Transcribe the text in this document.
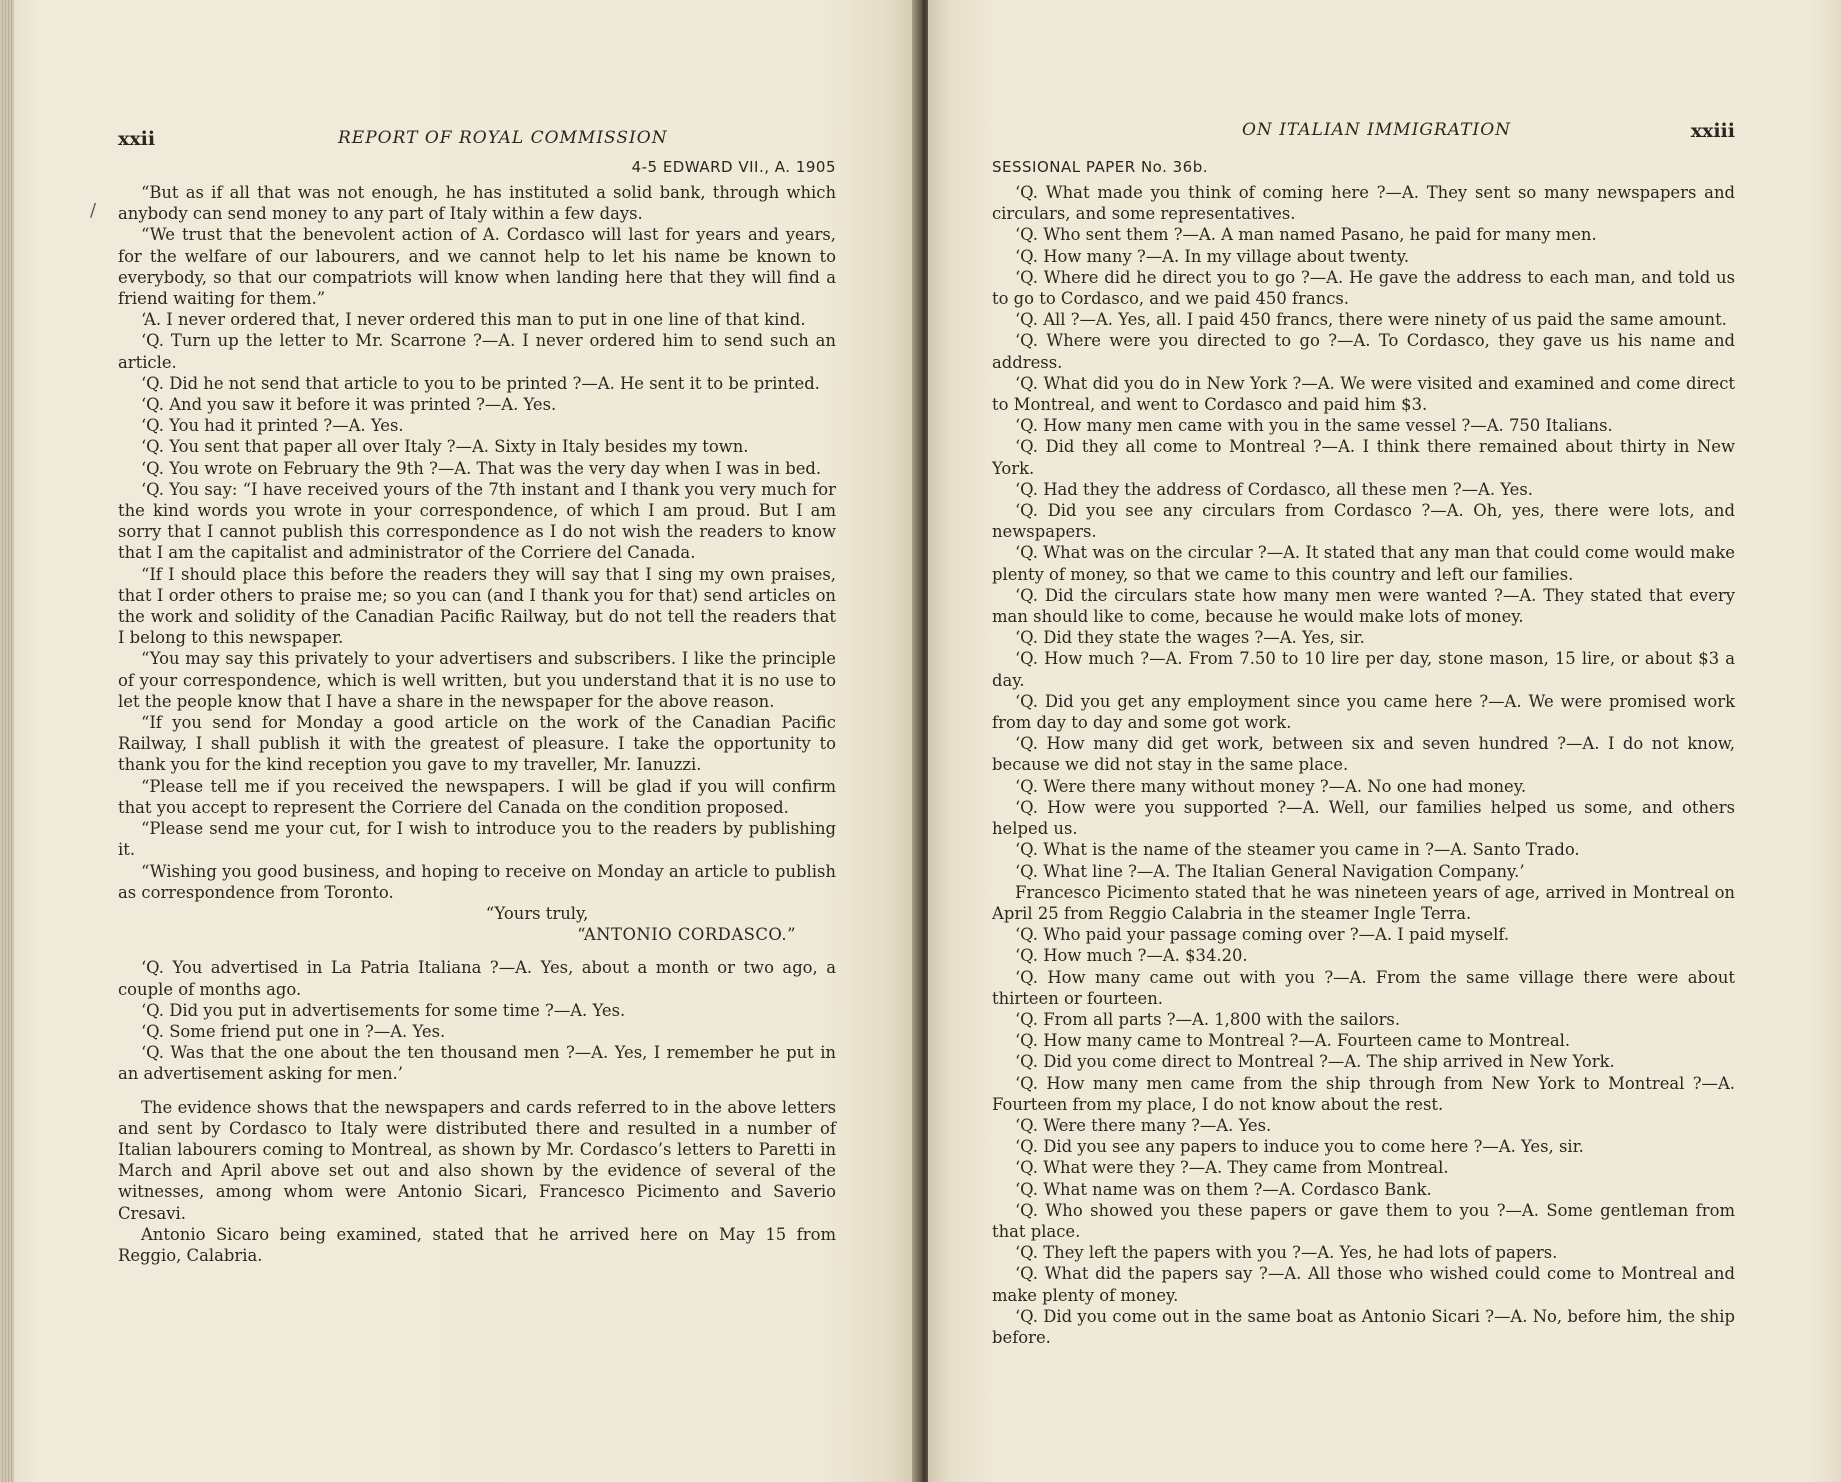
/
xxii	REPORT OF ROYAL COMMISSION
4-5 EDWARD VII., A. 1905

“But as if all that was not enough, he has instituted a solid bank, through which anybody can send money to any part of Italy within a few days.

“We trust that the benevolent action of A. Cordasco will last for years and years, for the welfare of our labourers, and we cannot help to let his name be known to everybody, so that our compatriots will know when landing here that they will find a friend waiting for them.”

‘A. I never ordered that, I never ordered this man to put in one line of that kind.

‘Q. Turn up the letter to Mr. Scarrone ?—A. I never ordered him to send such an article.

‘Q. Did he not send that article to you to be printed ?—A. He sent it to be printed.

‘Q. And you saw it before it was printed ?—A. Yes.

‘Q. You had it printed ?—A. Yes.

‘Q. You sent that paper all over Italy ?—A. Sixty in Italy besides my town.

‘Q. You wrote on February the 9th ?—A. That was the very day when I was in bed.

‘Q. You say: “I have received yours of the 7th instant and I thank you very much for the kind words you wrote in your correspondence, of which I am proud. But I am sorry that I cannot publish this correspondence as I do not wish the readers to know that I am the capitalist and administrator of the Corriere del Canada.

“If I should place this before the readers they will say that I sing my own praises, that I order others to praise me; so you can (and I thank you for that) send articles on the work and solidity of the Canadian Pacific Railway, but do not tell the readers that I belong to this newspaper.

“You may say this privately to your advertisers and subscribers. I like the principle of your correspondence, which is well written, but you understand that it is no use to let the people know that I have a share in the newspaper for the above reason.

“If you send for Monday a good article on the work of the Canadian Pacific Railway, I shall publish it with the greatest of pleasure. I take the opportunity to thank you for the kind reception you gave to my traveller, Mr. Ianuzzi.

“Please tell me if you received the newspapers. I will be glad if you will confirm that you accept to represent the Corriere del Canada on the condition proposed.

“Please send me your cut, for I wish to introduce you to the readers by publishing it.

“Wishing you good business, and hoping to receive on Monday an article to publish as correspondence from Toronto.

“Yours truly,

“ANTONIO CORDASCO.”

‘Q. You advertised in La Patria Italiana ?—A. Yes, about a month or two ago, a couple of months ago.

‘Q. Did you put in advertisements for some time ?—A. Yes.

‘Q. Some friend put one in ?—A. Yes.

‘Q. Was that the one about the ten thousand men ?—A. Yes, I remember he put in an advertisement asking for men.’

The evidence shows that the newspapers and cards referred to in the above letters and sent by Cordasco to Italy were distributed there and resulted in a number of Italian labourers coming to Montreal, as shown by Mr. Cordasco’s letters to Paretti in March and April above set out and also shown by the evidence of several of the witnesses, among whom were Antonio Sicari, Francesco Picimento and Saverio Cresavi.

Antonio Sicaro being examined, stated that he arrived here on May 15 from Reggio, Calabria.

ON ITALIAN IMMIGRATION	xxiii
SESSIONAL PAPER No. 36b.

‘Q. What made you think of coming here ?—A. They sent so many newspapers and circulars, and some representatives.

‘Q. Who sent them ?—A. A man named Pasano, he paid for many men.

‘Q. How many ?—A. In my village about twenty.

‘Q. Where did he direct you to go ?—A. He gave the address to each man, and told us to go to Cordasco, and we paid 450 francs.

‘Q. All ?—A. Yes, all. I paid 450 francs, there were ninety of us paid the same amount.

‘Q. Where were you directed to go ?—A. To Cordasco, they gave us his name and address.

‘Q. What did you do in New York ?—A. We were visited and examined and come direct to Montreal, and went to Cordasco and paid him $3.

‘Q. How many men came with you in the same vessel ?—A. 750 Italians.

‘Q. Did they all come to Montreal ?—A. I think there remained about thirty in New York.

‘Q. Had they the address of Cordasco, all these men ?—A. Yes.

‘Q. Did you see any circulars from Cordasco ?—A. Oh, yes, there were lots, and newspapers.

‘Q. What was on the circular ?—A. It stated that any man that could come would make plenty of money, so that we came to this country and left our families.

‘Q. Did the circulars state how many men were wanted ?—A. They stated that every man should like to come, because he would make lots of money.

‘Q. Did they state the wages ?—A. Yes, sir.

‘Q. How much ?—A. From 7.50 to 10 lire per day, stone mason, 15 lire, or about $3 a day.

‘Q. Did you get any employment since you came here ?—A. We were promised work from day to day and some got work.

‘Q. How many did get work, between six and seven hundred ?—A. I do not know, because we did not stay in the same place.

‘Q. Were there many without money ?—A. No one had money.

‘Q. How were you supported ?—A. Well, our families helped us some, and others helped us.

‘Q. What is the name of the steamer you came in ?—A. Santo Trado.

‘Q. What line ?—A. The Italian General Navigation Company.’

Francesco Picimento stated that he was nineteen years of age, arrived in Montreal on April 25 from Reggio Calabria in the steamer Ingle Terra.

‘Q. Who paid your passage coming over ?—A. I paid myself.

‘Q. How much ?—A. $34.20.

‘Q. How many came out with you ?—A. From the same village there were about thirteen or fourteen.

‘Q. From all parts ?—A. 1,800 with the sailors.

‘Q. How many came to Montreal ?—A. Fourteen came to Montreal.

‘Q. Did you come direct to Montreal ?—A. The ship arrived in New York.

‘Q. How many men came from the ship through from New York to Montreal ?—A. Fourteen from my place, I do not know about the rest.

‘Q. Were there many ?—A. Yes.

‘Q. Did you see any papers to induce you to come here ?—A. Yes, sir.

‘Q. What were they ?—A. They came from Montreal.

‘Q. What name was on them ?—A. Cordasco Bank.

‘Q. Who showed you these papers or gave them to you ?—A. Some gentleman from that place.

‘Q. They left the papers with you ?—A. Yes, he had lots of papers.

‘Q. What did the papers say ?—A. All those who wished could come to Montreal and make plenty of money.

‘Q. Did you come out in the same boat as Antonio Sicari ?—A. No, before him, the ship before.
